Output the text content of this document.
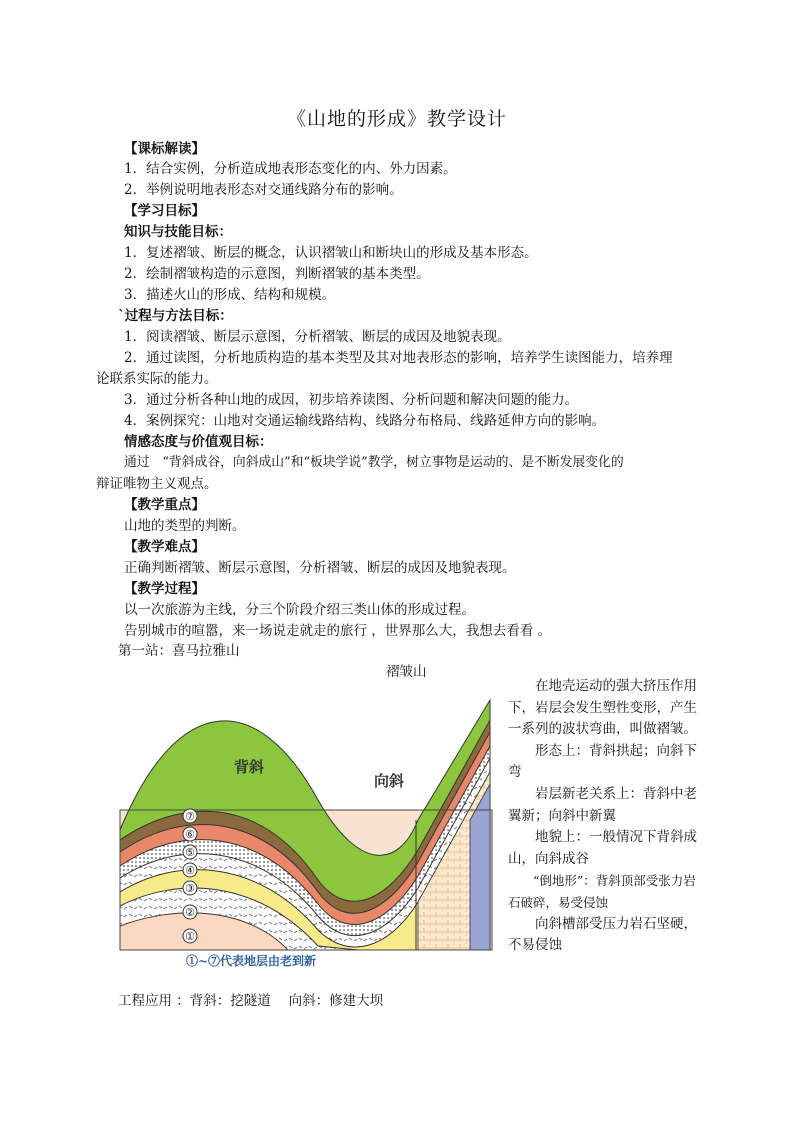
《山地的形成》教学设计
【课标解读】
1．结合实例，分析造成地表形态变化的内、外力因素。
2．举例说明地表形态对交通线路分布的影响。
【学习目标】
知识与技能目标：
1．复述褶皱、断层的概念，认识褶皱山和断块山的形成及基本形态。
2．绘制褶皱构造的示意图，判断褶皱的基本类型。
3．描述火山的形成、结构和规模。
`过程与方法目标：
1．阅读褶皱、断层示意图，分析褶皱、断层的成因及地貌表现。
2．通过读图，分析地质构造的基本类型及其对地表形态的影响，培养学生读图能力，培养理
论联系实际的能力。
3．通过分析各种山地的成因，初步培养读图、分析问题和解决问题的能力。
4．案例探究：山地对交通运输线路结构、线路分布格局、线路延伸方向的影响。
情感态度与价值观目标：
通过　“背斜成谷，向斜成山”和“板块学说”教学，树立事物是运动的、是不断发展变化的
辩证唯物主义观点。
【教学重点】
山地的类型的判断。
【教学难点】
正确判断褶皱、断层示意图，分析褶皱、断层的成因及地貌表现。
【教学过程】
以一次旅游为主线，分三个阶段介绍三类山体的形成过程。
告别城市的喧嚣，来一场说走就走的旅行 ，世界那么大，我想去看看 。
第一站：喜马拉雅山
褶皱山
⑦
⑥
⑤
④
③
②
①
背斜
向斜
①~⑦代表地层由老到新

在地壳运动的强大挤压作用下，岩层会发生塑性变形，产生一系列的波状弯曲，叫做褶皱。

形态上：背斜拱起；向斜下弯

岩层新老关系上：背斜中老翼新；向斜中新翼

地貌上：一般情况下背斜成山，向斜成谷

“倒地形”：背斜顶部受张力岩石破碎，易受侵蚀

向斜槽部受压力岩石坚硬，不易侵蚀

工程应用 ：背斜：挖隧道　 向斜：修建大坝
